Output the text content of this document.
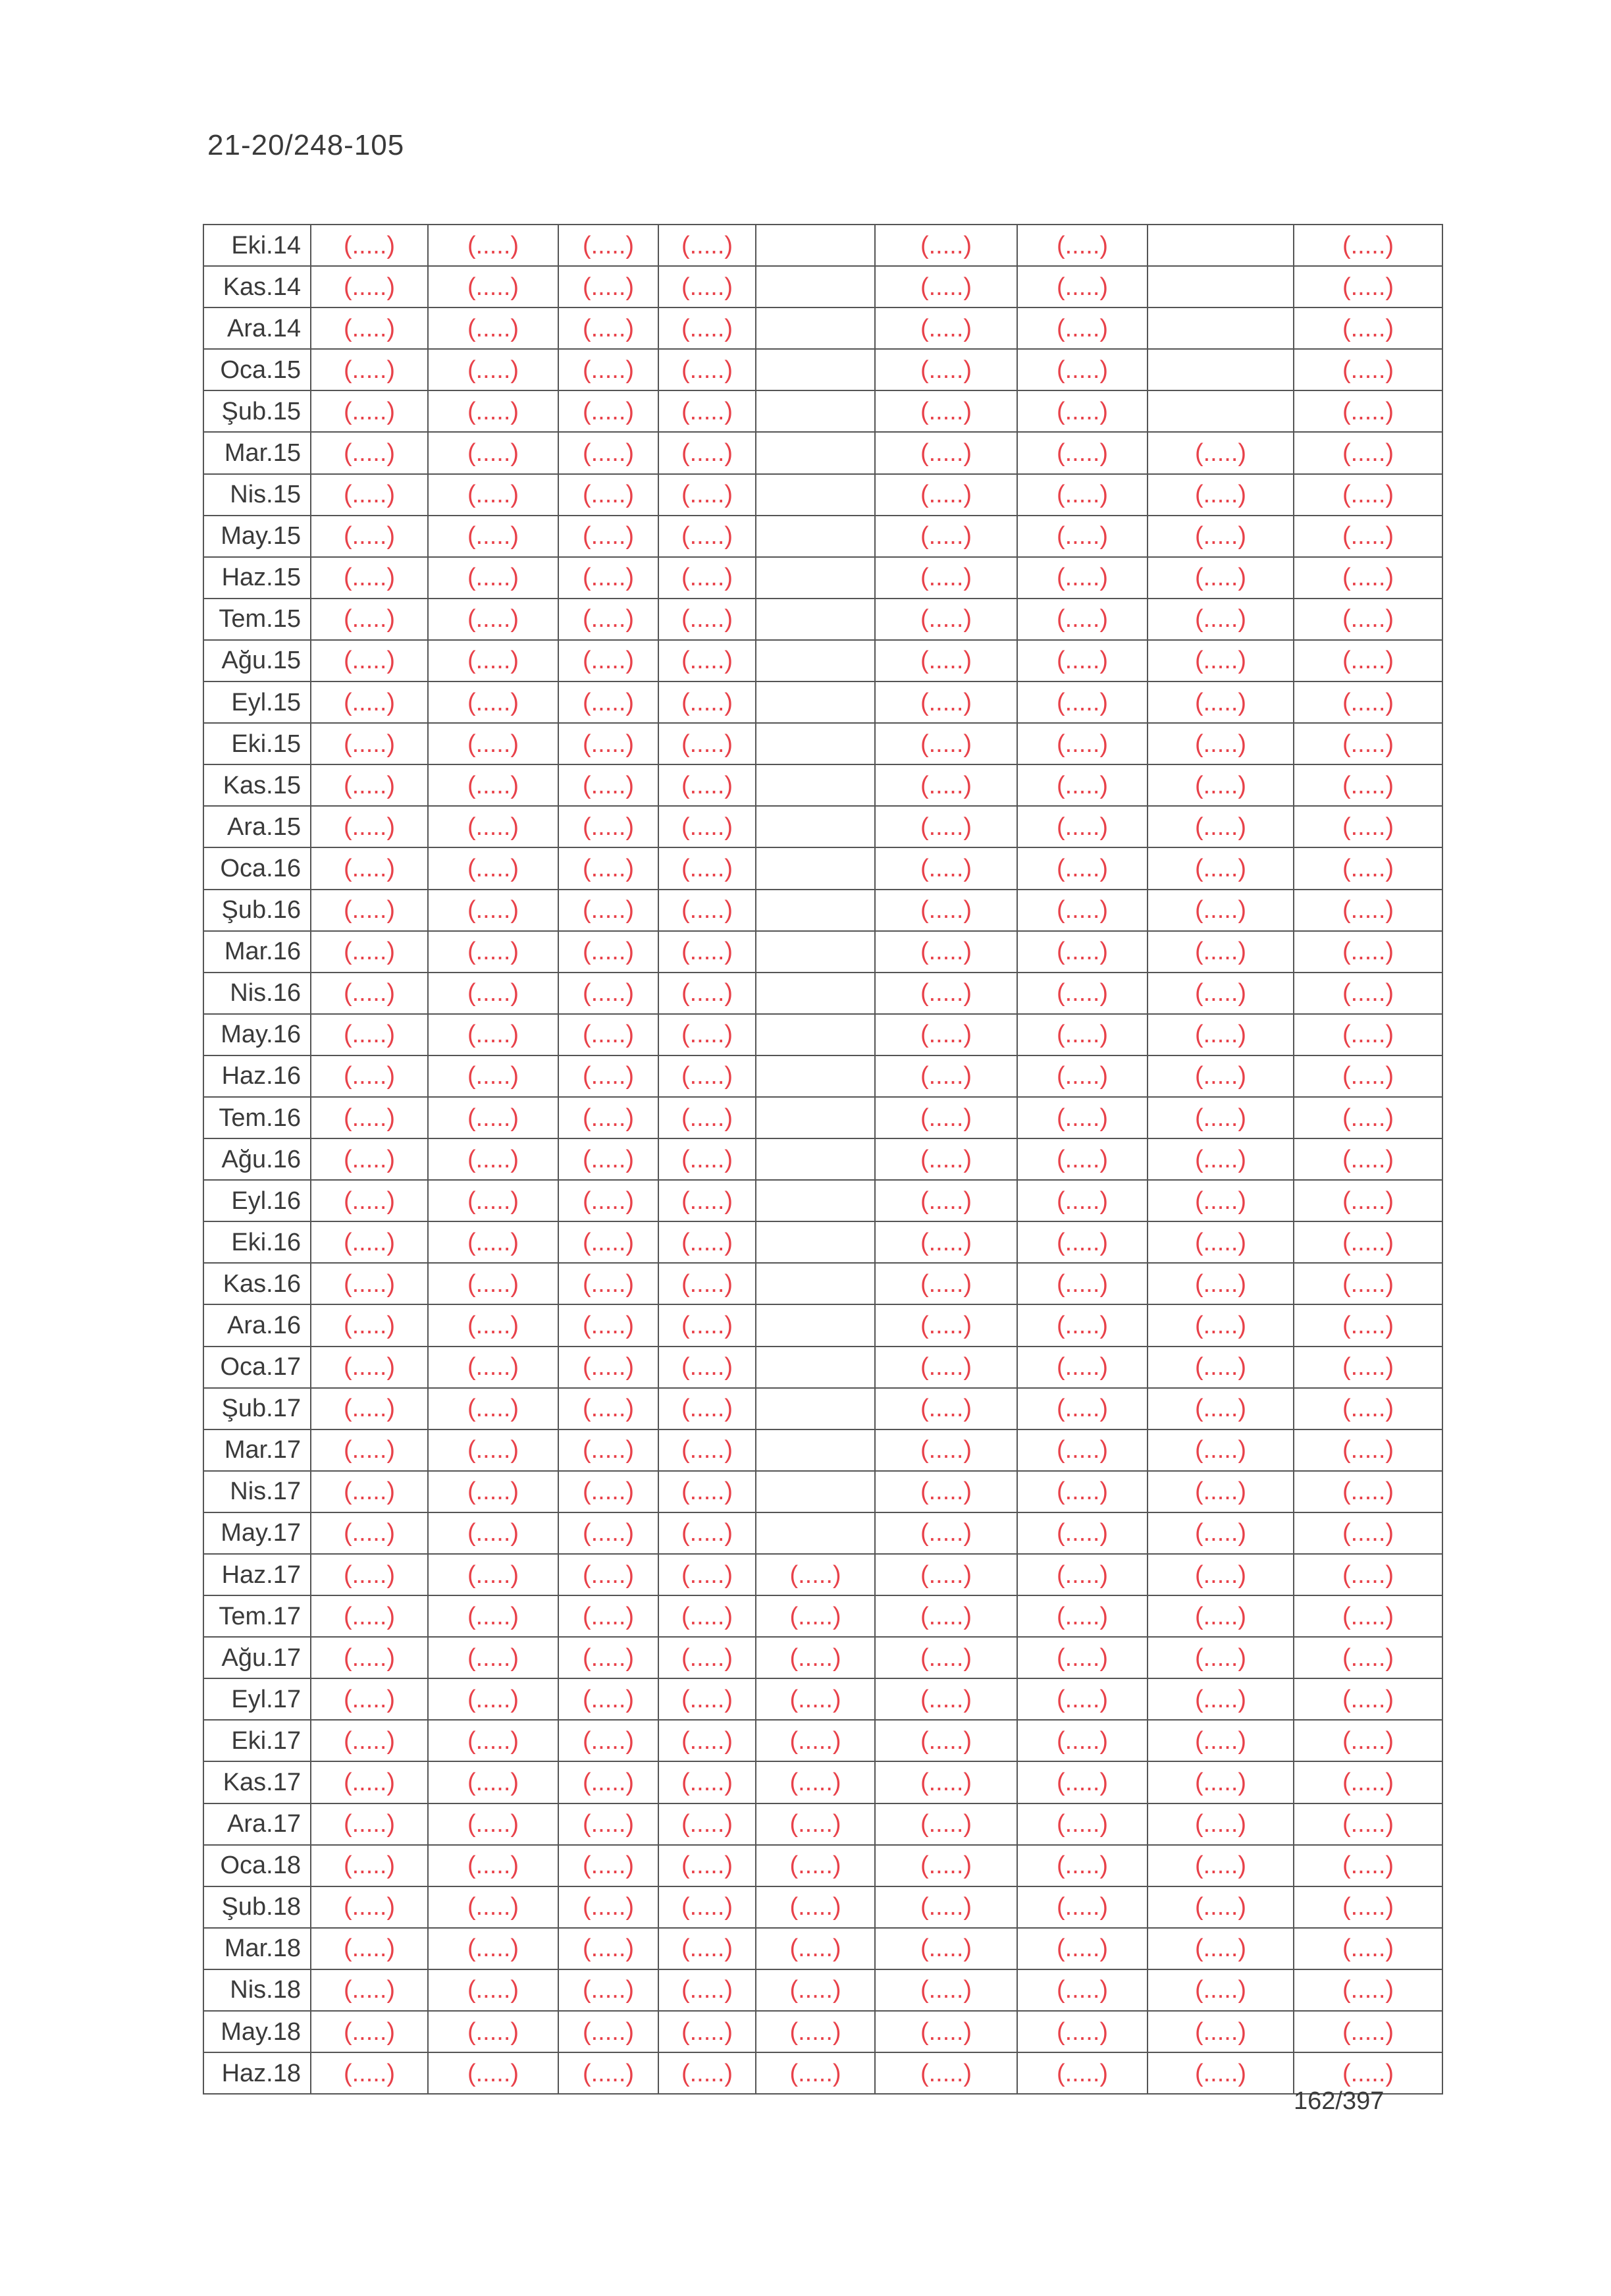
21-20/248-105
Eki.14	(.....)	(.....)	(.....)	(.....)		(.....)	(.....)		(.....)
Kas.14	(.....)	(.....)	(.....)	(.....)		(.....)	(.....)		(.....)
Ara.14	(.....)	(.....)	(.....)	(.....)		(.....)	(.....)		(.....)
Oca.15	(.....)	(.....)	(.....)	(.....)		(.....)	(.....)		(.....)
Şub.15	(.....)	(.....)	(.....)	(.....)		(.....)	(.....)		(.....)
Mar.15	(.....)	(.....)	(.....)	(.....)		(.....)	(.....)	(.....)	(.....)
Nis.15	(.....)	(.....)	(.....)	(.....)		(.....)	(.....)	(.....)	(.....)
May.15	(.....)	(.....)	(.....)	(.....)		(.....)	(.....)	(.....)	(.....)
Haz.15	(.....)	(.....)	(.....)	(.....)		(.....)	(.....)	(.....)	(.....)
Tem.15	(.....)	(.....)	(.....)	(.....)		(.....)	(.....)	(.....)	(.....)
Ağu.15	(.....)	(.....)	(.....)	(.....)		(.....)	(.....)	(.....)	(.....)
Eyl.15	(.....)	(.....)	(.....)	(.....)		(.....)	(.....)	(.....)	(.....)
Eki.15	(.....)	(.....)	(.....)	(.....)		(.....)	(.....)	(.....)	(.....)
Kas.15	(.....)	(.....)	(.....)	(.....)		(.....)	(.....)	(.....)	(.....)
Ara.15	(.....)	(.....)	(.....)	(.....)		(.....)	(.....)	(.....)	(.....)
Oca.16	(.....)	(.....)	(.....)	(.....)		(.....)	(.....)	(.....)	(.....)
Şub.16	(.....)	(.....)	(.....)	(.....)		(.....)	(.....)	(.....)	(.....)
Mar.16	(.....)	(.....)	(.....)	(.....)		(.....)	(.....)	(.....)	(.....)
Nis.16	(.....)	(.....)	(.....)	(.....)		(.....)	(.....)	(.....)	(.....)
May.16	(.....)	(.....)	(.....)	(.....)		(.....)	(.....)	(.....)	(.....)
Haz.16	(.....)	(.....)	(.....)	(.....)		(.....)	(.....)	(.....)	(.....)
Tem.16	(.....)	(.....)	(.....)	(.....)		(.....)	(.....)	(.....)	(.....)
Ağu.16	(.....)	(.....)	(.....)	(.....)		(.....)	(.....)	(.....)	(.....)
Eyl.16	(.....)	(.....)	(.....)	(.....)		(.....)	(.....)	(.....)	(.....)
Eki.16	(.....)	(.....)	(.....)	(.....)		(.....)	(.....)	(.....)	(.....)
Kas.16	(.....)	(.....)	(.....)	(.....)		(.....)	(.....)	(.....)	(.....)
Ara.16	(.....)	(.....)	(.....)	(.....)		(.....)	(.....)	(.....)	(.....)
Oca.17	(.....)	(.....)	(.....)	(.....)		(.....)	(.....)	(.....)	(.....)
Şub.17	(.....)	(.....)	(.....)	(.....)		(.....)	(.....)	(.....)	(.....)
Mar.17	(.....)	(.....)	(.....)	(.....)		(.....)	(.....)	(.....)	(.....)
Nis.17	(.....)	(.....)	(.....)	(.....)		(.....)	(.....)	(.....)	(.....)
May.17	(.....)	(.....)	(.....)	(.....)		(.....)	(.....)	(.....)	(.....)
Haz.17	(.....)	(.....)	(.....)	(.....)	(.....)	(.....)	(.....)	(.....)	(.....)
Tem.17	(.....)	(.....)	(.....)	(.....)	(.....)	(.....)	(.....)	(.....)	(.....)
Ağu.17	(.....)	(.....)	(.....)	(.....)	(.....)	(.....)	(.....)	(.....)	(.....)
Eyl.17	(.....)	(.....)	(.....)	(.....)	(.....)	(.....)	(.....)	(.....)	(.....)
Eki.17	(.....)	(.....)	(.....)	(.....)	(.....)	(.....)	(.....)	(.....)	(.....)
Kas.17	(.....)	(.....)	(.....)	(.....)	(.....)	(.....)	(.....)	(.....)	(.....)
Ara.17	(.....)	(.....)	(.....)	(.....)	(.....)	(.....)	(.....)	(.....)	(.....)
Oca.18	(.....)	(.....)	(.....)	(.....)	(.....)	(.....)	(.....)	(.....)	(.....)
Şub.18	(.....)	(.....)	(.....)	(.....)	(.....)	(.....)	(.....)	(.....)	(.....)
Mar.18	(.....)	(.....)	(.....)	(.....)	(.....)	(.....)	(.....)	(.....)	(.....)
Nis.18	(.....)	(.....)	(.....)	(.....)	(.....)	(.....)	(.....)	(.....)	(.....)
May.18	(.....)	(.....)	(.....)	(.....)	(.....)	(.....)	(.....)	(.....)	(.....)
Haz.18	(.....)	(.....)	(.....)	(.....)	(.....)	(.....)	(.....)	(.....)	(.....)
162/397
